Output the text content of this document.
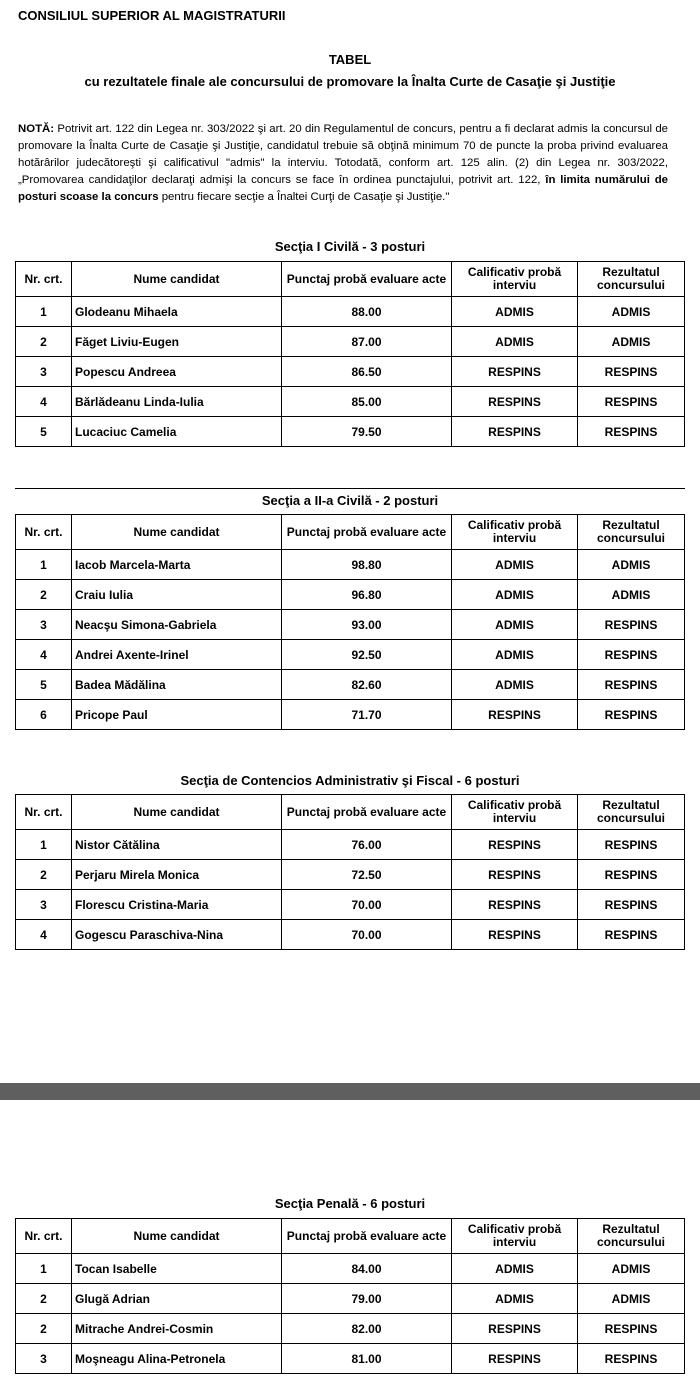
CONSILIUL SUPERIOR AL MAGISTRATURII
TABEL
cu rezultatele finale ale concursului de promovare la Înalta Curte de Casaţie şi Justiţie
NOTĂ: Potrivit art. 122 din Legea nr. 303/2022 şi art. 20 din Regulamentul de concurs, pentru a fi declarat admis la concursul de promovare la Înalta Curte de Casaţie şi Justiţie, candidatul trebuie să obţină minimum 70 de puncte la proba privind evaluarea hotărârilor judecătoreşti şi calificativul "admis" la interviu. Totodată, conform art. 125 alin. (2) din Legea nr. 303/2022, „Promovarea candidaţilor declaraţi admişi la concurs se face în ordinea punctajului, potrivit art. 122, în limita numărului de posturi scoase la concurs pentru fiecare secţie a Înaltei Curţi de Casaţie şi Justiţie."
Secţia I Civilă - 3 posturi
Nr. crt.	Nume candidat	Punctaj probă evaluare acte	Calificativ probă interviu	Rezultatul concursului
1	Glodeanu Mihaela	88.00	ADMIS	ADMIS
2	Făget Liviu-Eugen	87.00	ADMIS	ADMIS
3	Popescu Andreea	86.50	RESPINS	RESPINS
4	Bărlădeanu Linda-Iulia	85.00	RESPINS	RESPINS
5	Lucaciuc Camelia	79.50	RESPINS	RESPINS
Secţia a II-a Civilă - 2 posturi
Nr. crt.	Nume candidat	Punctaj probă evaluare acte	Calificativ probă interviu	Rezultatul concursului
1	Iacob Marcela-Marta	98.80	ADMIS	ADMIS
2	Craiu Iulia	96.80	ADMIS	ADMIS
3	Neacşu Simona-Gabriela	93.00	ADMIS	RESPINS
4	Andrei Axente-Irinel	92.50	ADMIS	RESPINS
5	Badea Mădălina	82.60	ADMIS	RESPINS
6	Pricope Paul	71.70	RESPINS	RESPINS
Secţia de Contencios Administrativ şi Fiscal - 6 posturi
Nr. crt.	Nume candidat	Punctaj probă evaluare acte	Calificativ probă interviu	Rezultatul concursului
1	Nistor Cătălina	76.00	RESPINS	RESPINS
2	Perjaru Mirela Monica	72.50	RESPINS	RESPINS
3	Florescu Cristina-Maria	70.00	RESPINS	RESPINS
4	Gogescu Paraschiva-Nina	70.00	RESPINS	RESPINS
Secţia Penală - 6 posturi
Nr. crt.	Nume candidat	Punctaj probă evaluare acte	Calificativ probă interviu	Rezultatul concursului
1	Tocan Isabelle	84.00	ADMIS	ADMIS
2	Glugă Adrian	79.00	ADMIS	ADMIS
2	Mitrache Andrei-Cosmin	82.00	RESPINS	RESPINS
3	Moşneagu Alina-Petronela	81.00	RESPINS	RESPINS
